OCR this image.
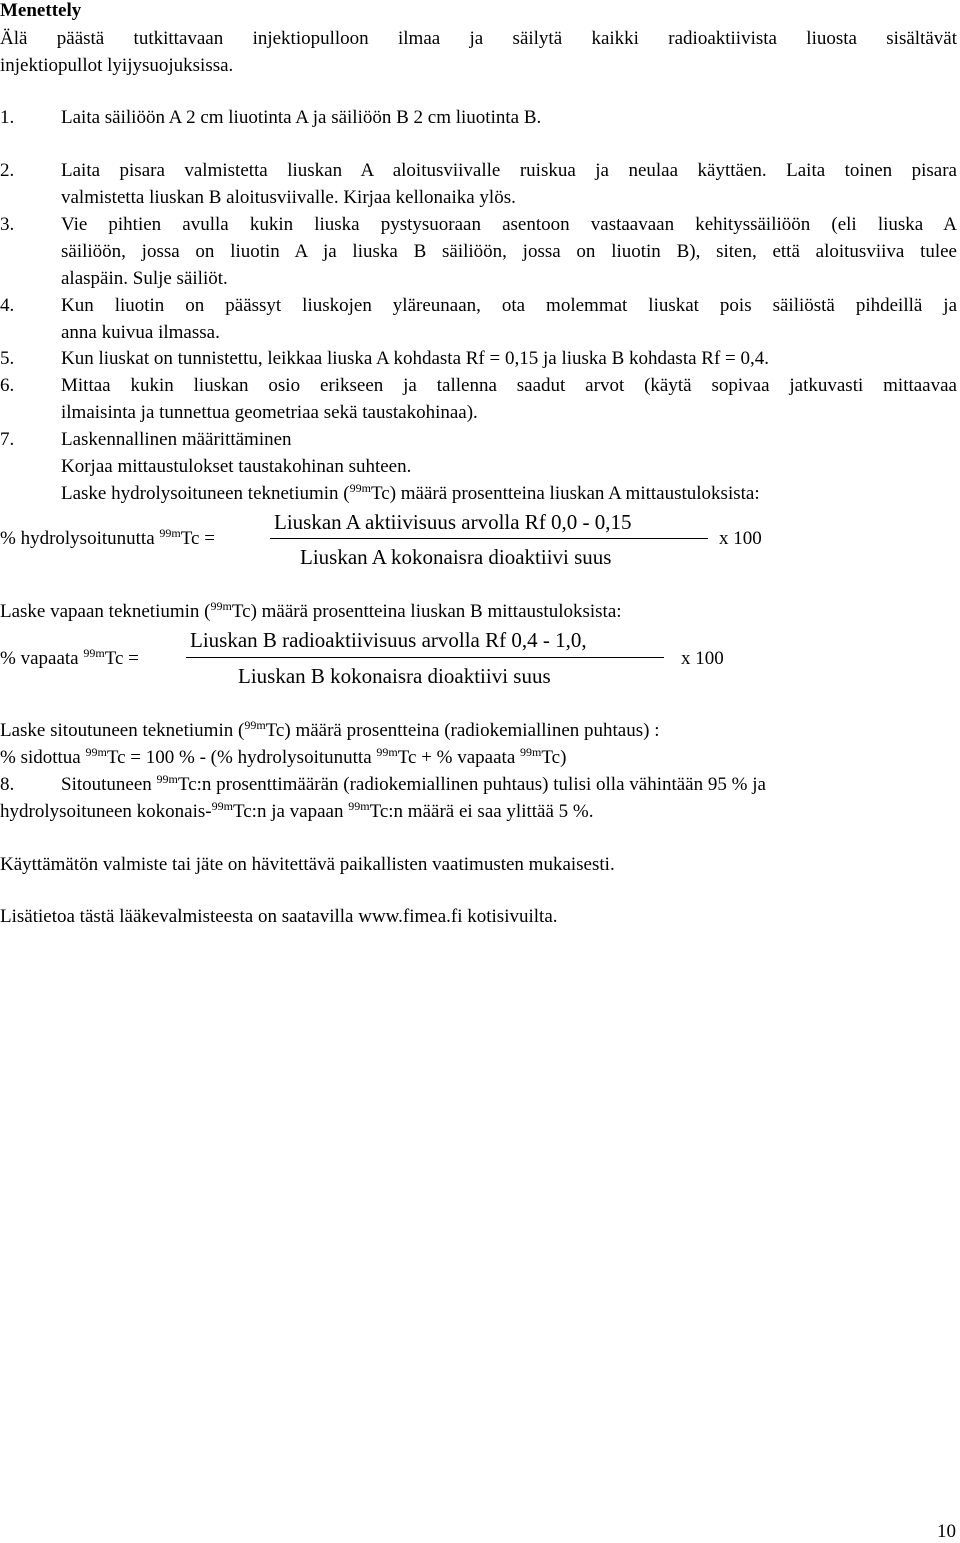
Menettely
Älä päästä tutkittavaan injektiopulloon ilmaa ja säilytä kaikki radioaktiivista liuosta sisältävät
injektiopullot lyijysuojuksissa.
1. Laita säiliöön A 2 cm liuotinta A ja säiliöön B 2 cm liuotinta B.
2. Laita pisara valmistetta liuskan A aloitusviivalle ruiskua ja neulaa käyttäen. Laita toinen pisara
valmistetta liuskan B aloitusviivalle. Kirjaa kellonaika ylös.
3. Vie pihtien avulla kukin liuska pystysuoraan asentoon vastaavaan kehityssäiliöön (eli liuska A
säiliöön, jossa on liuotin A ja liuska B säiliöön, jossa on liuotin B), siten, että aloitusviiva tulee
alaspäin. Sulje säiliöt.
4. Kun liuotin on päässyt liuskojen yläreunaan, ota molemmat liuskat pois säiliöstä pihdeillä ja
anna kuivua ilmassa.
5. Kun liuskat on tunnistettu, leikkaa liuska A kohdasta Rf = 0,15 ja liuska B kohdasta Rf = 0,4.
6. Mittaa kukin liuskan osio erikseen ja tallenna saadut arvot (käytä sopivaa jatkuvasti mittaavaa
ilmaisinta ja tunnettua geometriaa sekä taustakohinaa).
7. Laskennallinen määrittäminen
Korjaa mittaustulokset taustakohinan suhteen.
Laske hydrolysoituneen teknetiumin ($^{99m}$Tc) määrä prosentteina liuskan A mittaustuloksista:
% hydrolysoitunutta $^{99m}$Tc =
Liuskan A aktiivisuus arvolla Rf 0,0 - 0,15
Liuskan A kokonaisra dioaktiivi suus
x 100
Laske vapaan teknetiumin ($^{99m}$Tc) määrä prosentteina liuskan B mittaustuloksista:
% vapaata $^{99m}$Tc =
Liuskan B radioaktiivisuus arvolla Rf 0,4 - 1,0,
Liuskan B kokonaisra dioaktiivi suus
x 100
Laske sitoutuneen teknetiumin ($^{99m}$Tc) määrä prosentteina (radiokemiallinen puhtaus) :
% sidottua $^{99m}$Tc = 100 % - (% hydrolysoitunutta $^{99m}$Tc + % vapaata $^{99m}$Tc)
8. Sitoutuneen $^{99m}$Tc:n prosenttimäärän (radiokemiallinen puhtaus) tulisi olla vähintään 95 % ja
hydrolysoituneen kokonais-$^{99m}$Tc:n ja vapaan $^{99m}$Tc:n määrä ei saa ylittää 5 %.
Käyttämätön valmiste tai jäte on hävitettävä paikallisten vaatimusten mukaisesti.
Lisätietoa tästä lääkevalmisteesta on saatavilla www.fimea.fi kotisivuilta.
10
